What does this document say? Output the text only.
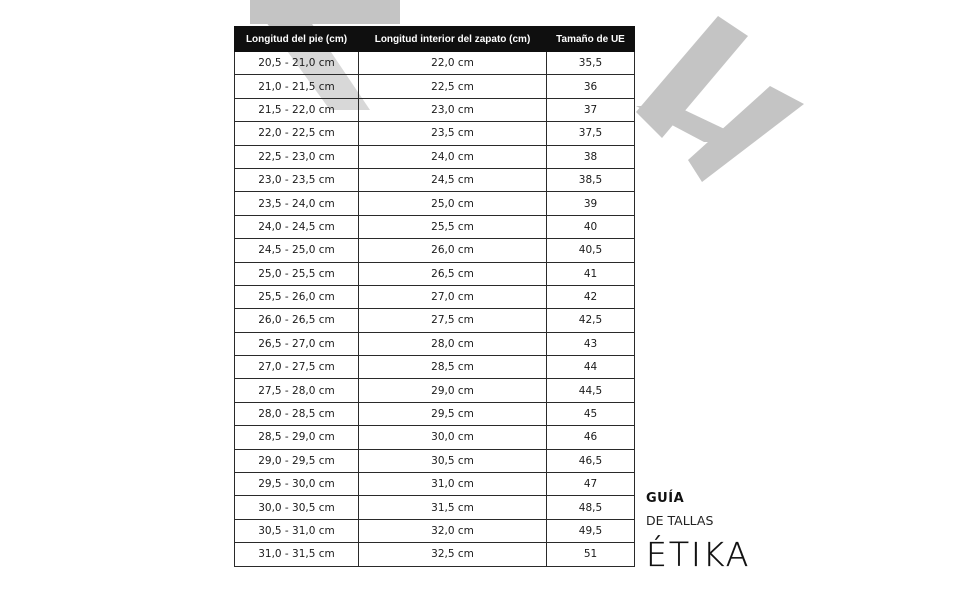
Longitud del pie (cm)	Longitud interior del zapato (cm)	Tamaño de UE
20,5 - 21,0 cm	22,0 cm	35,5
21,0 - 21,5 cm	22,5 cm	36
21,5 - 22,0 cm	23,0 cm	37
22,0 - 22,5 cm	23,5 cm	37,5
22,5 - 23,0 cm	24,0 cm	38
23,0 - 23,5 cm	24,5 cm	38,5
23,5 - 24,0 cm	25,0 cm	39
24,0 - 24,5 cm	25,5 cm	40
24,5 - 25,0 cm	26,0 cm	40,5
25,0 - 25,5 cm	26,5 cm	41
25,5 - 26,0 cm	27,0 cm	42
26,0 - 26,5 cm	27,5 cm	42,5
26,5 - 27,0 cm	28,0 cm	43
27,0 - 27,5 cm	28,5 cm	44
27,5 - 28,0 cm	29,0 cm	44,5
28,0 - 28,5 cm	29,5 cm	45
28,5 - 29,0 cm	30,0 cm	46
29,0 - 29,5 cm	30,5 cm	46,5
29,5 - 30,0 cm	31,0 cm	47
30,0 - 30,5 cm	31,5 cm	48,5
30,5 - 31,0 cm	32,0 cm	49,5
31,0 - 31,5 cm	32,5 cm	51
GUÍA
DE TALLAS
ÉTIKA
